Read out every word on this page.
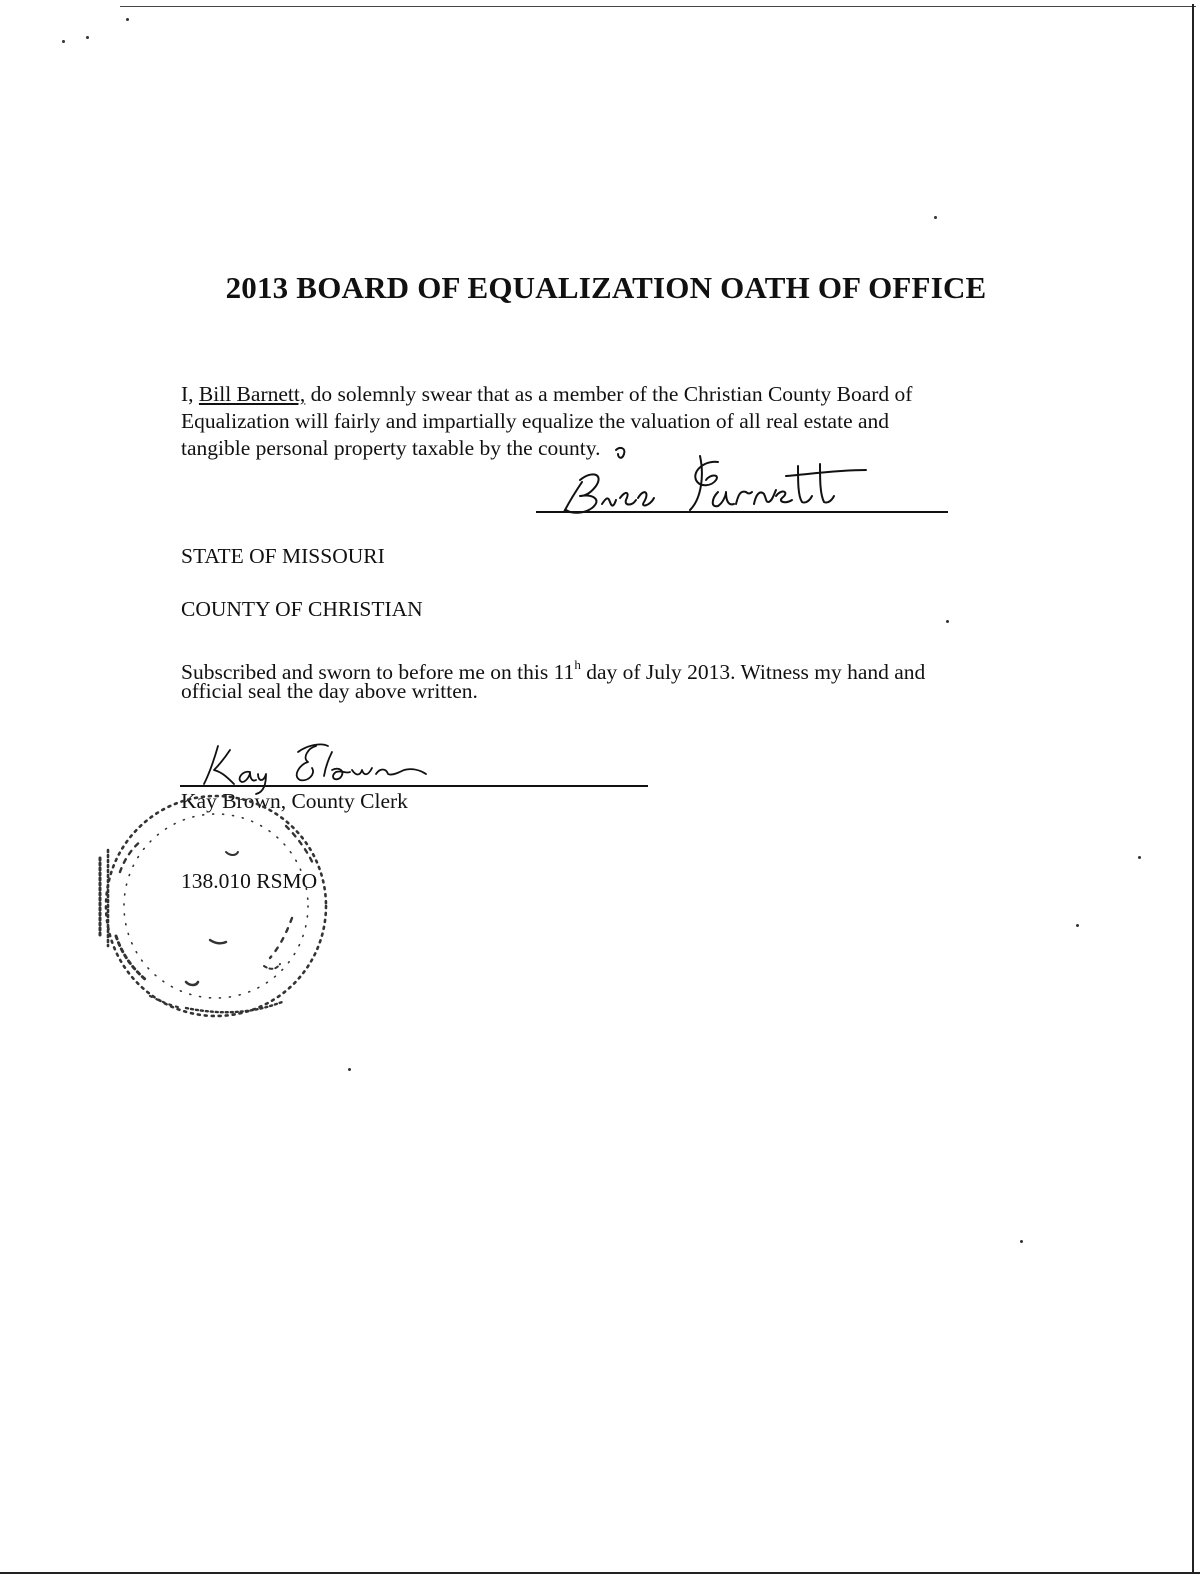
2013 BOARD OF EQUALIZATION OATH OF OFFICE
I, Bill Barnett, do solemnly swear that as a member of the Christian County Board of
Equalization will fairly and impartially equalize the valuation of all real estate and
tangible personal property taxable by the county.
STATE OF MISSOURI
COUNTY OF CHRISTIAN
Subscribed and sworn to before me on this 11$^h$ day of July 2013. Witness my hand and
official seal the day above written.
Kay Brown, County Clerk
138.010 RSMO
